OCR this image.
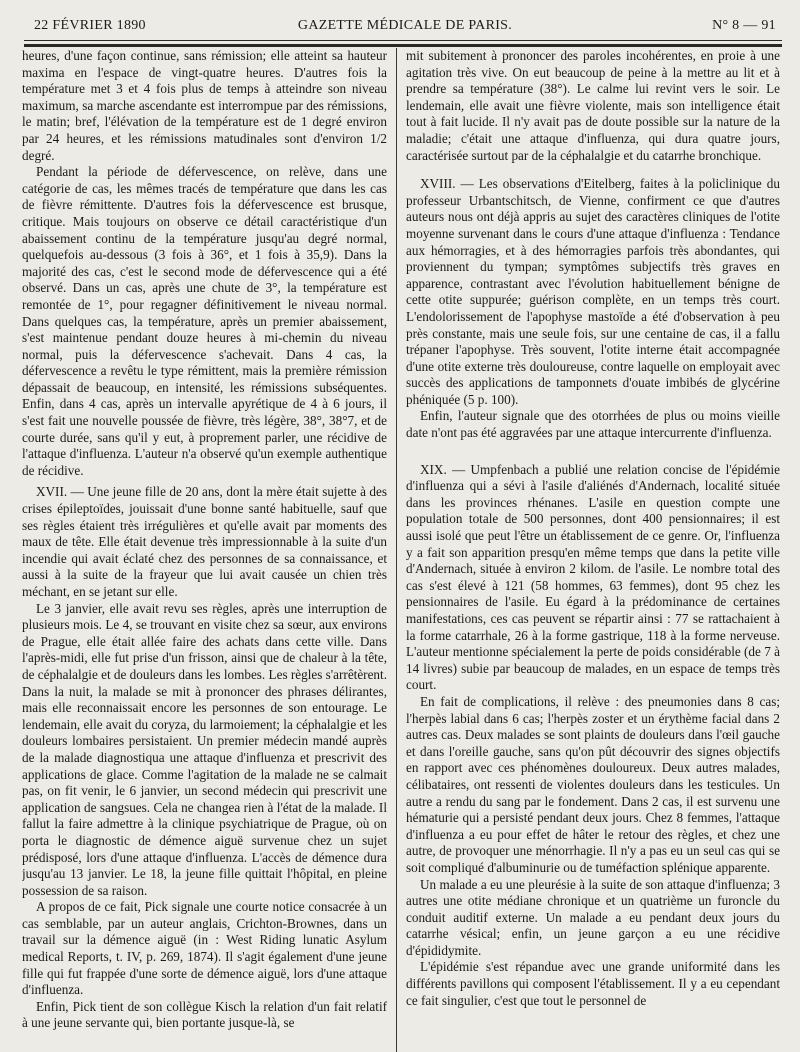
22 FÉVRIER 1890	GAZETTE MÉDICALE DE PARIS.	N° 8 — 91

heures, d'une façon continue, sans rémission; elle atteint sa hauteur maxima en l'espace de vingt-quatre heures. D'autres fois la température met 3 et 4 fois plus de temps à atteindre son niveau maximum, sa marche ascendante est interrompue par des rémissions, le matin; bref, l'élévation de la température est de 1 degré environ par 24 heures, et les rémissions matudinales sont d'environ 1/2 degré.

Pendant la période de défervescence, on relève, dans une catégorie de cas, les mêmes tracés de température que dans les cas de fièvre rémittente. D'autres fois la défervescence est brusque, critique. Mais toujours on observe ce détail caractéristique d'un abaissement continu de la température jusqu'au degré normal, quelquefois au-dessous (3 fois à 36°, et 1 fois à 35,9). Dans la majorité des cas, c'est le second mode de défervescence qui a été observé. Dans un cas, après une chute de 3°, la température est remontée de 1°, pour regagner définitivement le niveau normal. Dans quelques cas, la température, après un premier abaissement, s'est maintenue pendant douze heures à mi-chemin du niveau normal, puis la défervescence s'achevait. Dans 4 cas, la défervescence a revêtu le type rémittent, mais la première rémission dépassait de beaucoup, en intensité, les rémissions subséquentes. Enfin, dans 4 cas, après un intervalle apyrétique de 4 à 6 jours, il s'est fait une nouvelle poussée de fièvre, très légère, 38°, 38°7, et de courte durée, sans qu'il y eut, à proprement parler, une récidive de l'attaque d'influenza. L'auteur n'a observé qu'un exemple authentique de récidive.

XVII. — Une jeune fille de 20 ans, dont la mère était sujette à des crises épileptoïdes, jouissait d'une bonne santé habituelle, sauf que ses règles étaient très irrégulières et qu'elle avait par moments des maux de tête. Elle était devenue très impressionnable à la suite d'un incendie qui avait éclaté chez des personnes de sa connaissance, et aussi à la suite de la frayeur que lui avait causée un chien très méchant, en se jetant sur elle.

Le 3 janvier, elle avait revu ses règles, après une interruption de plusieurs mois. Le 4, se trouvant en visite chez sa sœur, aux environs de Prague, elle était allée faire des achats dans cette ville. Dans l'après-midi, elle fut prise d'un frisson, ainsi que de chaleur à la tête, de céphalalgie et de douleurs dans les lombes. Les règles s'arrêtèrent. Dans la nuit, la malade se mit à prononcer des phrases délirantes, mais elle reconnaissait encore les personnes de son entourage. Le lendemain, elle avait du coryza, du larmoiement; la céphalalgie et les douleurs lombaires persistaient. Un premier médecin mandé auprès de la malade diagnostiqua une attaque d'influenza et prescrivit des applications de glace. Comme l'agitation de la malade ne se calmait pas, on fit venir, le 6 janvier, un second médecin qui prescrivit une application de sangsues. Cela ne changea rien à l'état de la malade. Il fallut la faire admettre à la clinique psychiatrique de Prague, où on porta le diagnostic de démence aiguë survenue chez un sujet prédisposé, lors d'une attaque d'influenza. L'accès de démence dura jusqu'au 13 janvier. Le 18, la jeune fille quittait l'hôpital, en pleine possession de sa raison.

A propos de ce fait, Pick signale une courte notice consacrée à un cas semblable, par un auteur anglais, Crichton-Brownes, dans un travail sur la démence aiguë (in : West Riding lunatic Asylum medical Reports, t. IV, p. 269, 1874). Il s'agit également d'une jeune fille qui fut frappée d'une sorte de démence aiguë, lors d'une attaque d'influenza.

Enfin, Pick tient de son collègue Kisch la relation d'un fait relatif à une jeune servante qui, bien portante jusque-là, se

mit subitement à prononcer des paroles incohérentes, en proie à une agitation très vive. On eut beaucoup de peine à la mettre au lit et à prendre sa température (38°). Le calme lui revint vers le soir. Le lendemain, elle avait une fièvre violente, mais son intelligence était tout à fait lucide. Il n'y avait pas de doute possible sur la nature de la maladie; c'était une attaque d'influenza, qui dura quatre jours, caractérisée surtout par de la céphalalgie et du catarrhe bronchique.

XVIII. — Les observations d'Eitelberg, faites à la policlinique du professeur Urbantschitsch, de Vienne, confirment ce que d'autres auteurs nous ont déjà appris au sujet des caractères cliniques de l'otite moyenne survenant dans le cours d'une attaque d'influenza : Tendance aux hémorragies, et à des hémorragies parfois très abondantes, qui proviennent du tympan; symptômes subjectifs très graves en apparence, contrastant avec l'évolution habituellement bénigne de cette otite suppurée; guérison complète, en un temps très court. L'endolorissement de l'apophyse mastoïde a été d'observation à peu près constante, mais une seule fois, sur une centaine de cas, il a fallu trépaner l'apophyse. Très souvent, l'otite interne était accompagnée d'une otite externe très douloureuse, contre laquelle on employait avec succès des applications de tamponnets d'ouate imbibés de glycérine phéniquée (5 p. 100).

Enfin, l'auteur signale que des otorrhées de plus ou moins vieille date n'ont pas été aggravées par une attaque intercurrente d'influenza.

XIX. — Umpfenbach a publié une relation concise de l'épidémie d'influenza qui a sévi à l'asile d'aliénés d'Andernach, localité située dans les provinces rhénanes. L'asile en question compte une population totale de 500 personnes, dont 400 pensionnaires; il est aussi isolé que peut l'être un établissement de ce genre. Or, l'influenza y a fait son apparition presqu'en même temps que dans la petite ville d'Andernach, située à environ 2 kilom. de l'asile. Le nombre total des cas s'est élevé à 121 (58 hommes, 63 femmes), dont 95 chez les pensionnaires de l'asile. Eu égard à la prédominance de certaines manifestations, ces cas peuvent se répartir ainsi : 77 se rattachaient à la forme catarrhale, 26 à la forme gastrique, 118 à la forme nerveuse. L'auteur mentionne spécialement la perte de poids considérable (de 7 à 14 livres) subie par beaucoup de malades, en un espace de temps très court.

En fait de complications, il relève : des pneumonies dans 8 cas; l'herpès labial dans 6 cas; l'herpès zoster et un érythème facial dans 2 autres cas. Deux malades se sont plaints de douleurs dans l'œil gauche et dans l'oreille gauche, sans qu'on pût découvrir des signes objectifs en rapport avec ces phénomènes douloureux. Deux autres malades, célibataires, ont ressenti de violentes douleurs dans les testicules. Un autre a rendu du sang par le fondement. Dans 2 cas, il est survenu une hématurie qui a persisté pendant deux jours. Chez 8 femmes, l'attaque d'influenza a eu pour effet de hâter le retour des règles, et chez une autre, de provoquer une ménorrhagie. Il n'y a pas eu un seul cas qui se soit compliqué d'albuminurie ou de tuméfaction splénique apparente.

Un malade a eu une pleurésie à la suite de son attaque d'influenza; 3 autres une otite médiane chronique et un quatrième un furoncle du conduit auditif externe. Un malade a eu pendant deux jours du catarrhe vésical; enfin, un jeune garçon a eu une récidive d'épididymite.

L'épidémie s'est répandue avec une grande uniformité dans les différents pavillons qui composent l'établissement. Il y a eu cependant ce fait singulier, c'est que tout le personnel de
